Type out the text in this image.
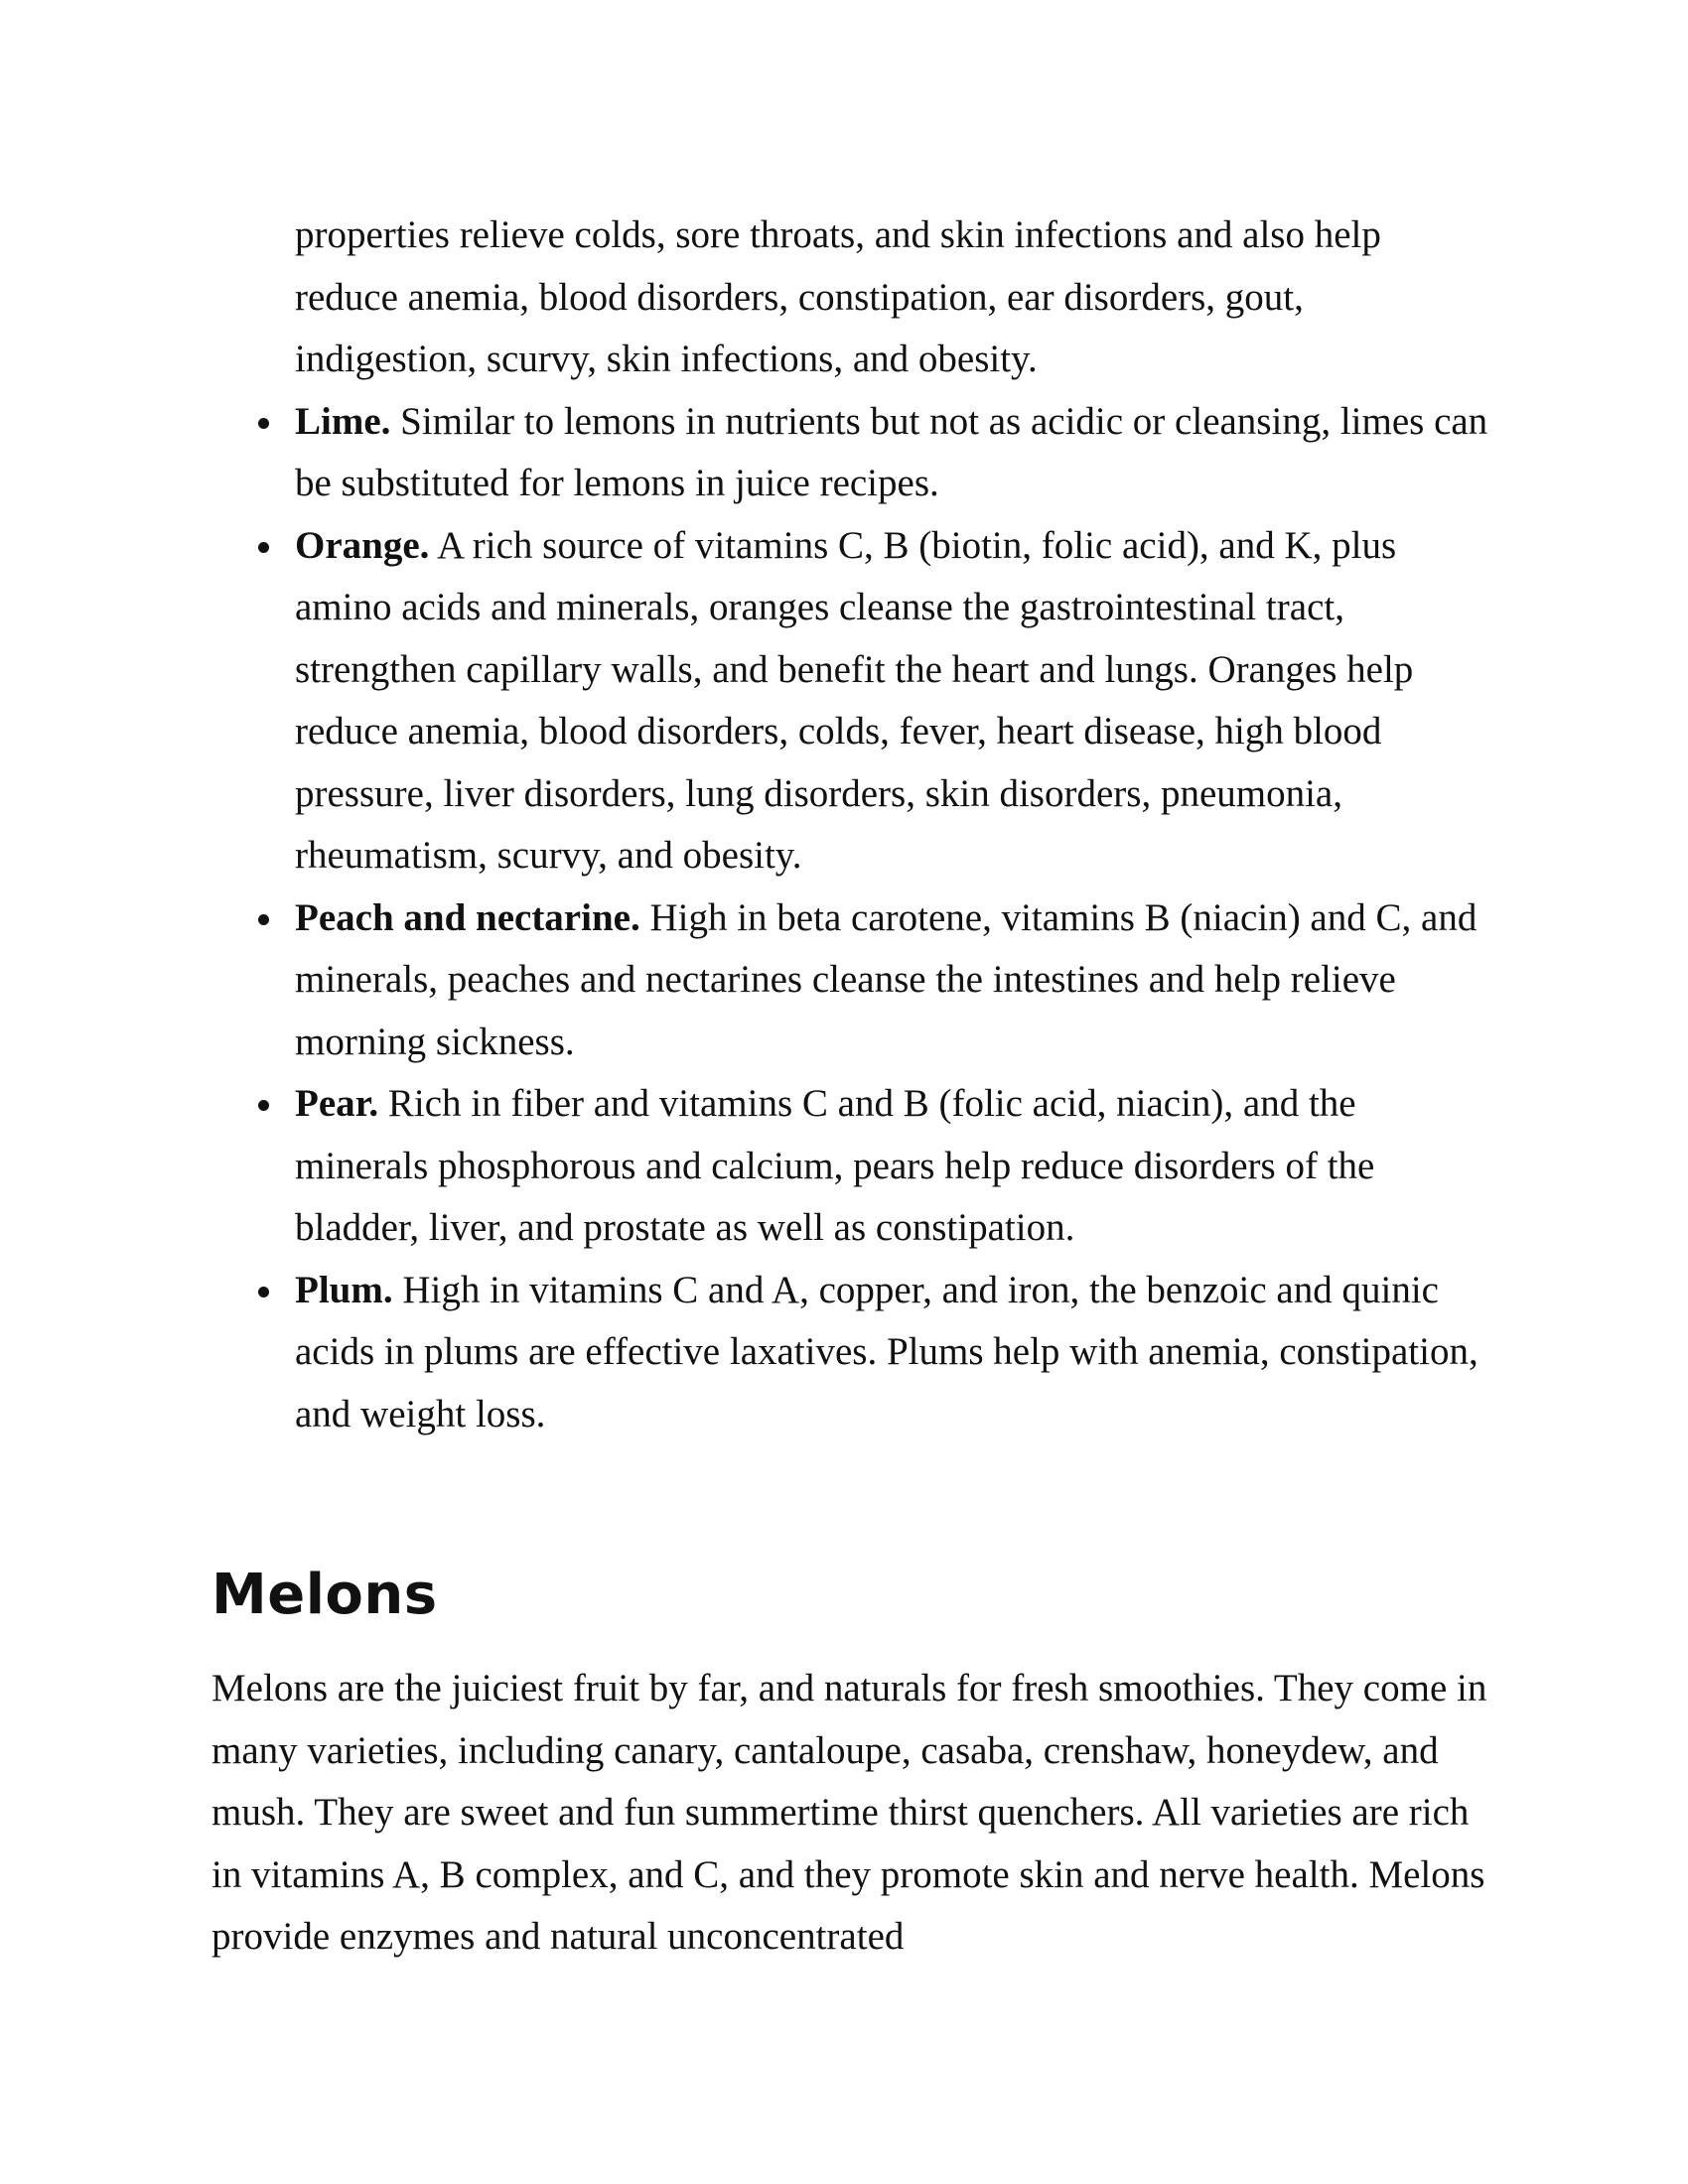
properties relieve colds, sore throats, and skin infections and also help reduce anemia, blood disorders, constipation, ear disorders, gout, indigestion, scurvy, skin infections, and obesity.

Lime. Similar to lemons in nutrients but not as acidic or cleansing, limes can be substituted for lemons in juice recipes.
Orange. A rich source of vitamins C, B (biotin, folic acid), and K, plus amino acids and minerals, oranges cleanse the gastrointestinal tract, strengthen capillary walls, and benefit the heart and lungs. Oranges help reduce anemia, blood disorders, colds, fever, heart disease, high blood pressure, liver disorders, lung disorders, skin disorders, pneumonia, rheumatism, scurvy, and obesity.
Peach and nectarine. High in beta carotene, vitamins B (niacin) and C, and minerals, peaches and nectarines cleanse the intestines and help relieve morning sickness.
Pear. Rich in fiber and vitamins C and B (folic acid, niacin), and the minerals phosphorous and calcium, pears help reduce disorders of the bladder, liver, and prostate as well as constipation.
Plum. High in vitamins C and A, copper, and iron, the benzoic and quinic acids in plums are effective laxatives. Plums help with anemia, constipation, and weight loss.
Melons

Melons are the juiciest fruit by far, and naturals for fresh smoothies. They come in many varieties, including canary, cantaloupe, casaba, crenshaw, honeydew, and mush. They are sweet and fun summertime thirst quenchers. All varieties are rich in vitamins A, B complex, and C, and they promote skin and nerve health. Melons provide enzymes and natural unconcentrated
